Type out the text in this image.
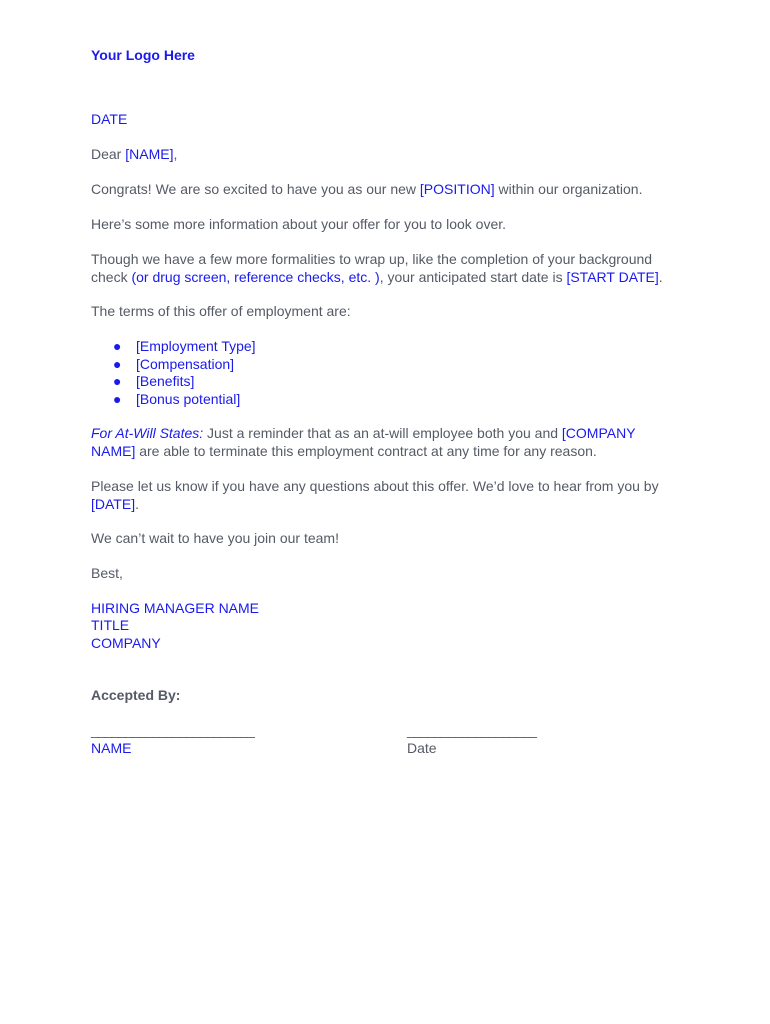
Your Logo Here
DATE
Dear [NAME],
Congrats! We are so excited to have you as our new [POSITION] within our organization.
Here’s some more information about your offer for you to look over.
Though we have a few more formalities to wrap up, like the completion of your background check (or drug screen, reference checks, etc. ), your anticipated start date is [START DATE].
The terms of this offer of employment are:
● [Employment Type]
● [Compensation]
● [Benefits]
● [Bonus potential]
For At-Will States: Just a reminder that as an at-will employee both you and [COMPANY NAME] are able to terminate this employment contract at any time for any reason.
Please let us know if you have any questions about this offer. We’d love to hear from you by [DATE].
We can’t wait to have you join our team!
Best,
HIRING MANAGER NAME
TITLE
COMPANY
Accepted By:
________________________	___________________
NAME	Date
